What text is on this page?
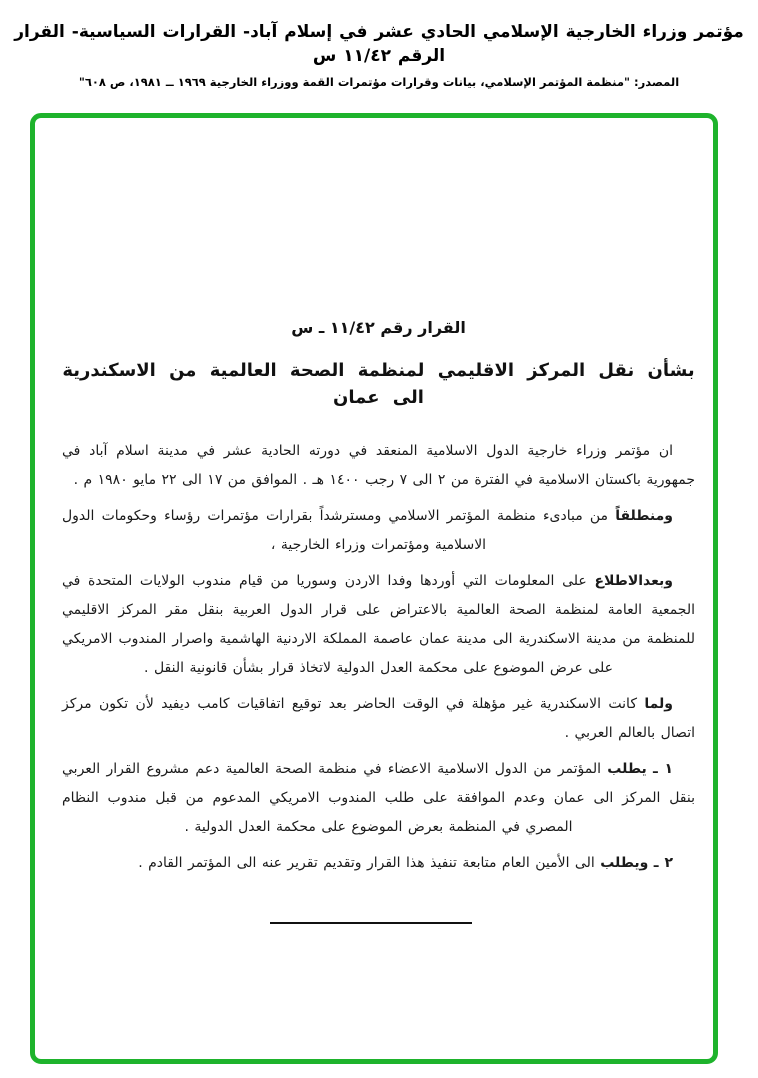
مؤتمر وزراء الخارجية الإسلامي الحادي عشر في إسلام آباد- القرارات السياسية- القرار الرقم ١١/٤٢ س
المصدر: "منظمة المؤتمر الإسلامي، بيانات وقرارات مؤتمرات القمة ووزراء الخارجية ١٩٦٩ ــ ١٩٨١، ص ٦٠٨"
القرار رقم ١١/٤٢ ـ س
بشأن نقل المركز الاقليمي لمنظمة الصحة العالمية من الاسكندرية الى عمان

ان مؤتمر وزراء خارجية الدول الاسلامية المنعقد في دورته الحادية عشر في مدينة اسلام آباد في جمهورية باكستان الاسلامية في الفترة من ٢ الى ٧ رجب ١٤٠٠ هـ . الموافق من ١٧ الى ٢٢ مايو ١٩٨٠ م .

ومنطلقاً من مبادىء منظمة المؤتمر الاسلامي ومسترشداً بقرارات مؤتمرات رؤساء وحكومات الدول الاسلامية ومؤتمرات وزراء الخارجية ،

وبعدالاطلاع على المعلومات التي أوردها وفدا الاردن وسوريا من قيام مندوب الولايات المتحدة في الجمعية العامة لمنظمة الصحة العالمية بالاعتراض على قرار الدول العربية بنقل مقر المركز الاقليمي للمنظمة من مدينة الاسكندرية الى مدينة عمان عاصمة المملكة الاردنية الهاشمية واصرار المندوب الامريكي على عرض الموضوع على محكمة العدل الدولية لاتخاذ قرار بشأن قانونية النقل .

ولما كانت الاسكندرية غير مؤهلة في الوقت الحاضر بعد توقيع اتفاقيات كامب ديفيد لأن تكون مركز اتصال بالعالم العربي .

١ ـ يطلب المؤتمر من الدول الاسلامية الاعضاء في منظمة الصحة العالمية دعم مشروع القرار العربي بنقل المركز الى عمان وعدم الموافقة على طلب المندوب الامريكي المدعوم من قبل مندوب النظام المصري في المنظمة بعرض الموضوع على محكمة العدل الدولية .

٢ ـ ويطلب الى الأمين العام متابعة تنفيذ هذا القرار وتقديم تقرير عنه الى المؤتمر القادم .
